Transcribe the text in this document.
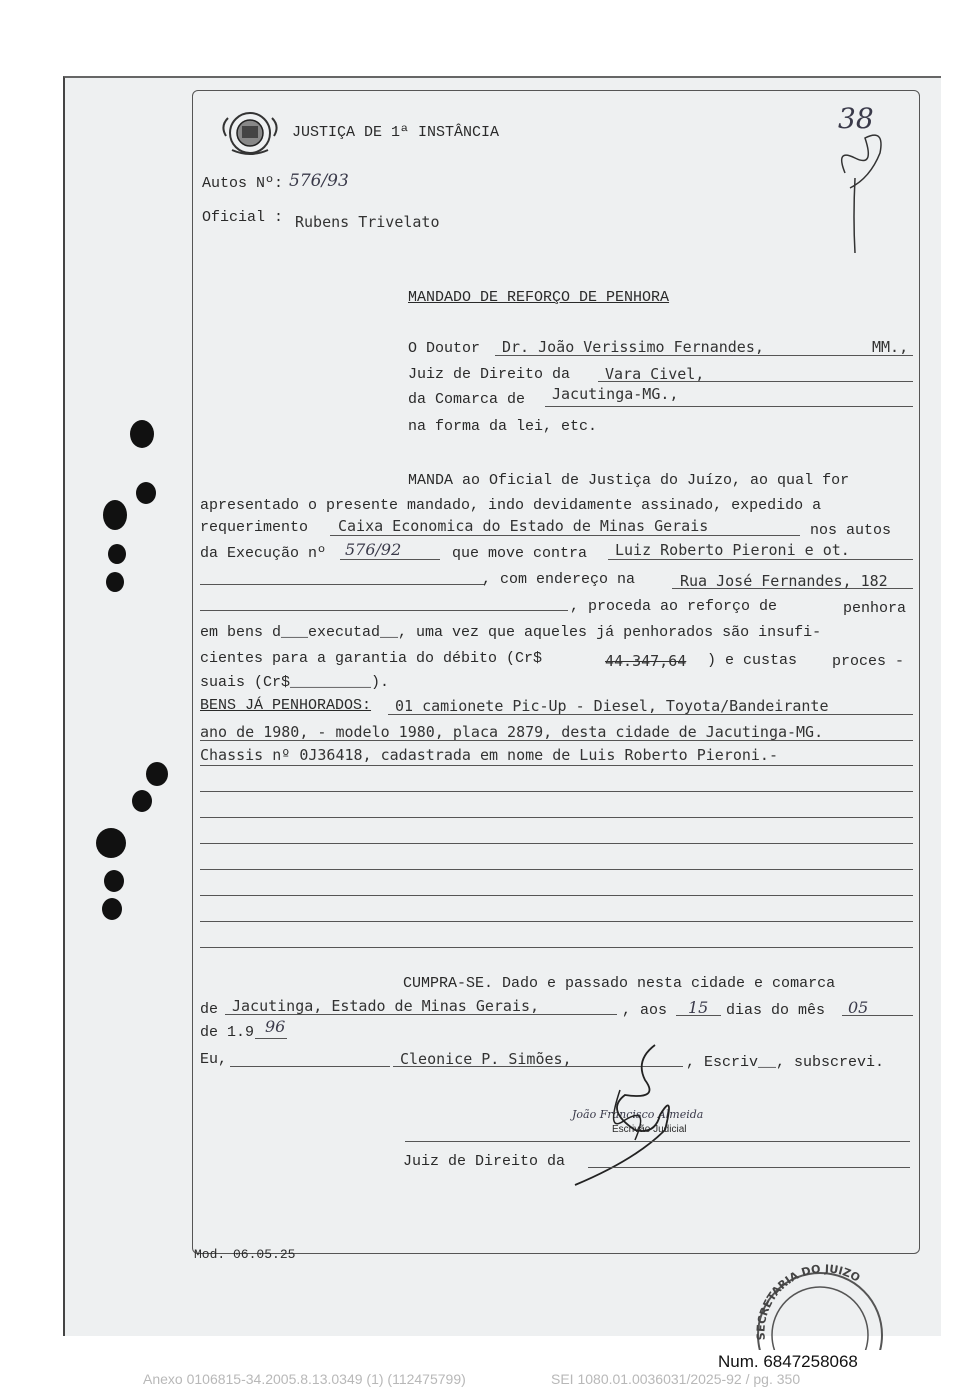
JUSTIÇA DE 1ª INSTÂNCIA
Autos Nº: 576/93
Oficial : Rubens Trivelato
38
MANDADO DE REFORÇO DE PENHORA
O Doutor Dr. João Verissimo Fernandes,	MM.,
Juiz de Direito da Vara Civel,
da Comarca de Jacutinga-MG.,
na forma da lei, etc.
MANDA ao Oficial de Justiça do Juízo, ao qual for
apresentado o presente mandado, indo devidamente assinado, expedido a
requerimento Caixa Economica do Estado de Minas Gerais	nos autos
da Execução nº 576/92	que move contra Luiz Roberto Pieroni e ot.
, com endereço na	Rua José Fernandes, 182
, proceda ao reforço de	penhora
em bens d___executad__, uma vez que aqueles já penhorados são insufi-
cientes para a garantia do débito (Cr$	44.347,64 ) e custas proces -
suais (Cr$_________).
BENS JÁ PENHORADOS: 01 camionete Pic-Up - Diesel, Toyota/Bandeirante
ano de 1980, - modelo 1980, placa 2879, desta cidade de Jacutinga-MG.
Chassis nº 0J36418, cadastrada em nome de Luis Roberto Pieroni.-
CUMPRA-SE. Dado e passado nesta cidade e comarca
de Jacutinga, Estado de Minas Gerais,	, aos 15 dias do mês 05
de 1.9 96
Eu,	Cleonice P. Simões,	, Escriv__, subscrevi.
João Francisco Almeida
Escrivão Judicial
Juiz de Direito da
Mod. 06.05.25
SECRETARIA DO JUIZO
Num. 6847258068
Anexo 0106815-34.2005.8.13.0349 (1) (112475799)	SEI 1080.01.0036031/2025-92 / pg. 350
